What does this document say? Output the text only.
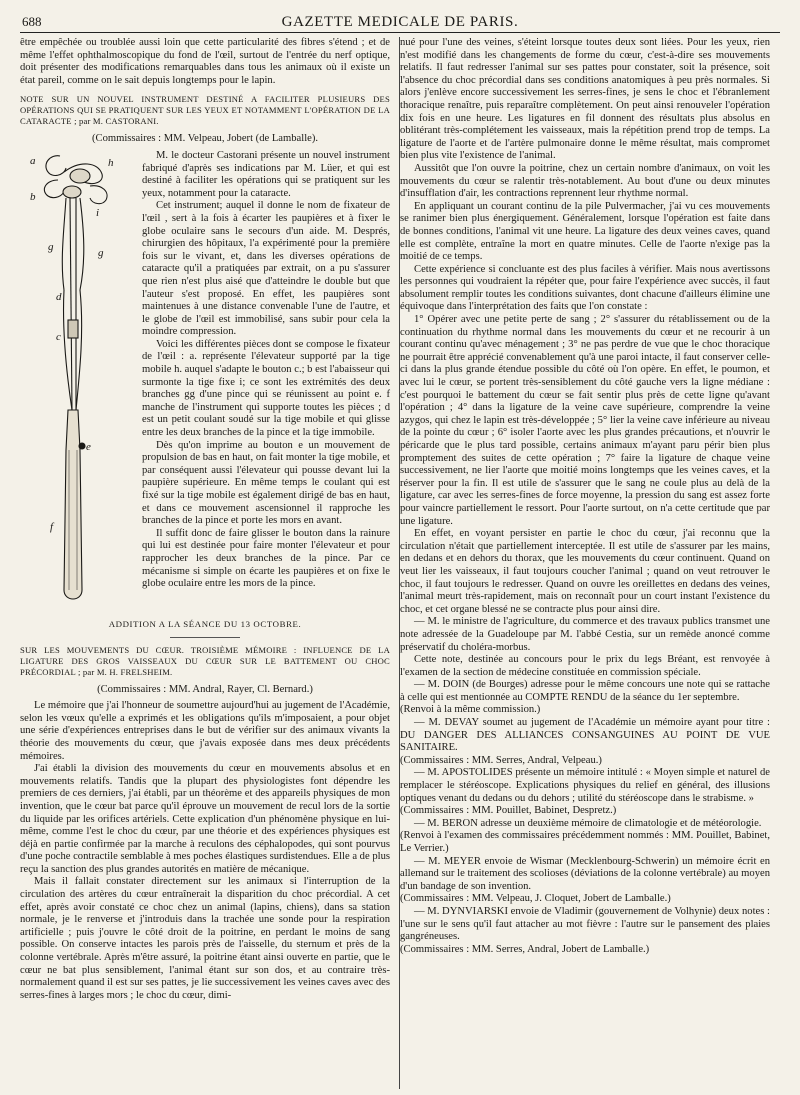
688	GAZETTE MEDICALE DE PARIS.

être empêchée ou troublée aussi loin que cette particularité des fibres s'étend ; et de même l'effet ophthalmoscopique du fond de l'œil, surtout de l'entrée du nerf optique, doit présenter des modifications remarquables dans tous les animaux où il existe un état pareil, comme on le sait depuis longtemps pour le lapin.

NOTE SUR UN NOUVEL INSTRUMENT DESTINÉ A FACILITER PLUSIEURS DES OPÉRATIONS QUI SE PRATIQUENT SUR LES YEUX ET NOTAMMENT L'OPÉRATION DE LA CATARACTE ; par M. CASTORANI.

(Commissaires : MM. Velpeau, Jobert (de Lamballe).

a	h
b
i
g	g
d
c
e
f

M. le docteur Castorani présente un nouvel instrument fabriqué d'après ses indications par M. Lüer, et qui est destiné à faciliter les opérations qui se pratiquent sur les yeux, notamment pour la cataracte.

Cet instrument; auquel il donne le nom de fixateur de l'œil , sert à la fois à écarter les paupières et à fixer le globe oculaire sans le secours d'un aide. M. Després, chirurgien des hôpitaux, l'a expérimenté pour la première fois sur le vivant, et, dans les diverses opérations de cataracte qu'il a pratiquées par extrait, on a pu s'assurer que rien n'est plus aisé que d'atteindre le double but que l'auteur s'est proposé. En effet, les paupières sont maintenues à une distance convenable l'une de l'autre, et le globe de l'œil est immobilisé, sans subir pour cela la moindre compression.

Voici les différentes pièces dont se compose le fixateur de l'œil : a. représente l'élevateur supporté par la tige mobile h. auquel s'adapte le bouton c.; b est l'abaisseur qui surmonte la tige fixe i; ce sont les extrémités des deux branches gg d'une pince qui se réunissent au point e. f manche de l'instrument qui supporte toutes les pièces ; d est un petit coulant soudé sur la tige mobile et qui glisse entre les deux branches de la pince et la tige immobile.

Dès qu'on imprime au bouton e un mouvement de propulsion de bas en haut, on fait monter la tige mobile, et par conséquent aussi l'élevateur qui pousse devant lui la paupière supérieure. En même temps le coulant qui est fixé sur la tige mobile est également dirigé de bas en haut, et dans ce mouvement ascensionnel il rapproche les branches de la pince et porte les mors en avant.

Il suffit donc de faire glisser le bouton dans la rainure qui lui est destinée pour faire monter l'élevateur et pour rapprocher les deux branches de la pince. Par ce mécanisme si simple on écarte les paupières et on fixe le globe oculaire entre les mors de la pince.

ADDITION A LA SÉANCE DU 13 OCTOBRE.

SUR LES MOUVEMENTS DU CŒUR. TROISIÈME MÉMOIRE : INFLUENCE DE LA LIGATURE DES GROS VAISSEAUX DU CŒUR SUR LE BATTEMENT OU CHOC PRÉCORDIAL ; par M. H. FRELSHEIM.

(Commissaires : MM. Andral, Rayer, Cl. Bernard.)

Le mémoire que j'ai l'honneur de soumettre aujourd'hui au jugement de l'Académie, selon les vœux qu'elle a exprimés et les obligations qu'ils m'imposaient, a pour objet une série d'expériences entreprises dans le but de vérifier sur des animaux vivants la théorie des mouvements du cœur, que j'avais exposée dans mes deux précédents mémoires.

J'ai établi la division des mouvements du cœur en mouvements absolus et en mouvements relatifs. Tandis que la plupart des physiologistes font dépendre les premiers de ces derniers, j'ai établi, par un théorème et des appareils physiques de mon invention, que le cœur bat parce qu'il éprouve un mouvement de recul lors de la sortie du liquide par les orifices artériels. Cette explication d'un phénomène physique en lui-même, comme l'est le choc du cœur, par une théorie et des expériences physiques est déjà en partie confirmée par la marche à reculons des céphalopodes, qui sont pourvus d'une poche contractile semblable à mes poches élastiques surdistendues. Elle a de plus reçu la sanction des plus grandes autorités en matière de mécanique.

Mais il fallait constater directement sur les animaux si l'interruption de la circulation des artères du cœur entraînerait la disparition du choc précordial. A cet effet, après avoir constaté ce choc chez un animal (lapins, chiens), dans sa station normale, je le renverse et j'introduis dans la trachée une sonde pour la respiration artificielle ; puis j'ouvre le côté droit de la poitrine, en perdant le moins de sang possible. On conserve intactes les parois près de l'aisselle, du sternum et près de la colonne vertébrale. Après m'être assuré, la poitrine étant ainsi ouverte en partie, que le cœur ne bat plus sensiblement, l'animal étant sur son dos, et au contraire très-normalement quand il est sur ses pattes, je lie successivement les veines caves avec des serres-fines à larges mors ; le choc du cœur, dimi-

nué pour l'une des veines, s'éteint lorsque toutes deux sont liées. Pour les yeux, rien n'est modifié dans les changements de forme du cœur, c'est-à-dire ses mouvements relatifs. Il faut redresser l'animal sur ses pattes pour constater, soit la présence, soit l'absence du choc précordial dans ses conditions anatomiques à peu près normales. Si alors j'enlève encore successivement les serres-fines, je sens le choc et l'ébranlement thoracique renaître, puis reparaître complètement. On peut ainsi renouveler l'opération dix fois en une heure. Les ligatures en fil donnent des résultats plus absolus en oblitérant très-complétement les vaisseaux, mais la répétition prend trop de temps. La ligature de l'aorte et de l'artère pulmonaire donne le même résultat, mais compromet bien plus vite l'existence de l'animal.

Aussitôt que l'on ouvre la poitrine, chez un certain nombre d'animaux, on voit les mouvements du cœur se ralentir très-notablement. Au bout d'une ou deux minutes d'insufflation d'air, les contractions reprennent leur rhythme normal.

En appliquant un courant continu de la pile Pulvermacher, j'ai vu ces mouvements se ranimer bien plus énergiquement. Généralement, lorsque l'opération est faite dans de bonnes conditions, l'animal vit une heure. La ligature des deux veines caves, quand elle est complète, entraîne la mort en quatre minutes. Celle de l'aorte n'exige pas la moitié de ce temps.

Cette expérience si concluante est des plus faciles à vérifier. Mais nous avertissons les personnes qui voudraient la répéter que, pour faire l'expérience avec succès, il faut absolument remplir toutes les conditions suivantes, dont chacune d'ailleurs élimine une équivoque dans l'interprétation des faits que l'on constate :

1° Opérer avec une petite perte de sang ; 2° s'assurer du rétablissement ou de la continuation du rhythme normal dans les mouvements du cœur et ne recourir à un courant continu qu'avec ménagement ; 3° ne pas perdre de vue que le choc thoracique ne pourrait être apprécié convenablement qu'à une paroi intacte, il faut conserver celle-ci dans la plus grande étendue possible du côté où l'on opère. En effet, le poumon, et avec lui le cœur, se portent très-sensiblement du côté gauche vers la ligne médiane : c'est pourquoi le battement du cœur se fait sentir plus près de cette ligne qu'avant l'opération ; 4° dans la ligature de la veine cave supérieure, comprendre la veine azygos, qui chez le lapin est très-développée ; 5° lier la veine cave inférieure au niveau de la pointe du cœur ; 6° isoler l'aorte avec les plus grandes précautions, et n'ouvrir le péricarde que le plus tard possible, certains animaux m'ayant paru périr bien plus promptement des suites de cette opération ; 7° faire la ligature de chaque veine successivement, ne lier l'aorte que moitié moins longtemps que les veines caves, et la réserver pour la fin. Il est utile de s'assurer que le sang ne coule plus au delà de la ligature, car avec les serres-fines de force moyenne, la pression du sang est assez forte pour vaincre partiellement le ressort. Pour l'aorte surtout, on n'a cette certitude que par une ligature.

En effet, en voyant persister en partie le choc du cœur, j'ai reconnu que la circulation n'était que partiellement interceptée. Il est utile de s'assurer par les mains, en dedans et en dehors du thorax, que les mouvements du cœur continuent. Quand on veut lier les vaisseaux, il faut toujours coucher l'animal ; quand on veut retrouver le choc, il faut toujours le redresser. Quand on ouvre les oreillettes en dedans des veines, l'animal meurt très-rapidement, mais on reconnaît pour un court instant l'existence du choc, et cet organe blessé ne se contracte plus pour ainsi dire.

— M. le ministre de l'agriculture, du commerce et des travaux publics transmet une note adressée de la Guadeloupe par M. l'abbé Cestia, sur un remède anoncé comme préservatif du choléra-morbus.

Cette note, destinée au concours pour le prix du legs Bréant, est renvoyée à l'examen de la section de médecine constituée en commission spéciale.

— M. DOIN (de Bourges) adresse pour le même concours une note qui se rattache à celle qui est mentionnée au COMPTE RENDU de la séance du 1er septembre.

(Renvoi à la même commission.)

— M. DEVAY soumet au jugement de l'Académie un mémoire ayant pour titre : DU DANGER DES ALLIANCES CONSANGUINES AU POINT DE VUE SANITAIRE.

(Commissaires : MM. Serres, Andral, Velpeau.)

— M. APOSTOLIDES présente un mémoire intitulé : « Moyen simple et naturel de remplacer le stéréoscope. Explications physiques du relief en général, des illusions optiques venant du dedans ou du dehors ; utilité du stéréoscope dans le strabisme. »

(Commissaires : MM. Pouillet, Babinet, Despretz.)

— M. BERON adresse un deuxième mémoire de climatologie et de météorologie.

(Renvoi à l'examen des commissaires précédemment nommés : MM. Pouillet, Babinet, Le Verrier.)

— M. MEYER envoie de Wismar (Mecklenbourg-Schwerin) un mémoire écrit en allemand sur le traitement des scolioses (déviations de la colonne vertébrale) au moyen d'un bandage de son invention.

(Commissaires : MM. Velpeau, J. Cloquet, Jobert de Lamballe.)

— M. DYNVIARSKI envoie de Vladimir (gouvernement de Volhynie) deux notes : l'une sur le sens qu'il faut attacher au mot fièvre : l'autre sur le pansement des plaies gangréneuses.

(Commissaires : MM. Serres, Andral, Jobert de Lamballe.)
